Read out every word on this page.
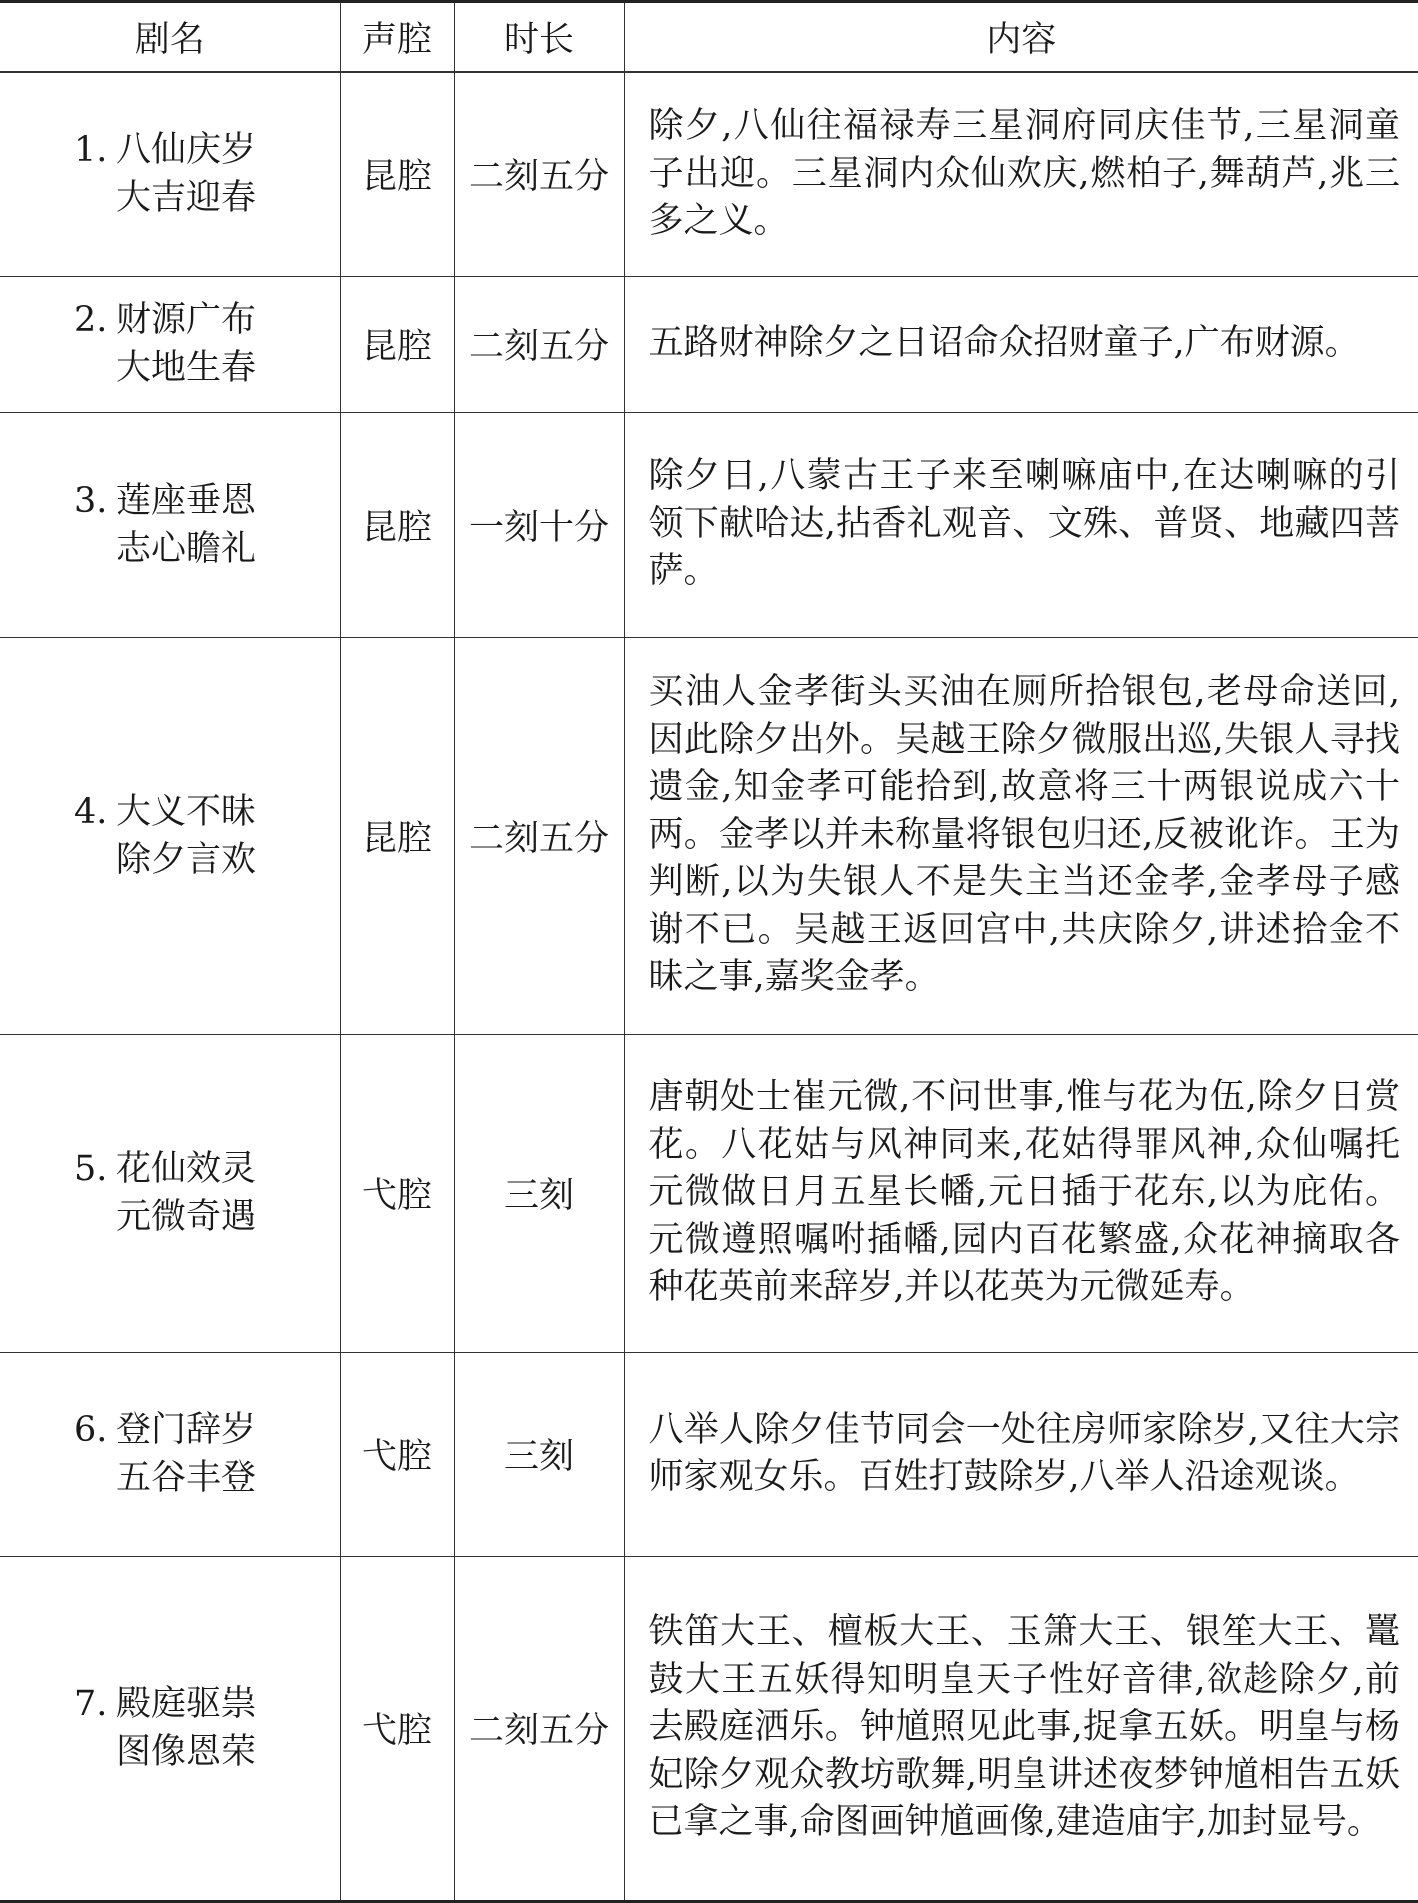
剧名	声腔	时长	内容

1. 八仙庆岁
大吉迎春	昆腔	二刻五分	除夕,八仙往福禄寿三星洞府同庆佳节,三星洞童子出迎。三星洞内众仙欢庆,燃柏子,舞葫芦,兆三多之义。

2. 财源广布
大地生春	昆腔	二刻五分	五路财神除夕之日诏命众招财童子,广布财源。

3. 莲座垂恩
志心瞻礼	昆腔	一刻十分	除夕日,八蒙古王子来至喇嘛庙中,在达喇嘛的引领下献哈达,拈香礼观音、文殊、普贤、地藏四菩萨。

4. 大义不昧
除夕言欢	昆腔	二刻五分	买油人金孝街头买油在厕所拾银包,老母命送回,因此除夕出外。吴越王除夕微服出巡,失银人寻找遗金,知金孝可能拾到,故意将三十两银说成六十两。金孝以并未称量将银包归还,反被讹诈。王为判断,以为失银人不是失主当还金孝,金孝母子感谢不已。吴越王返回宫中,共庆除夕,讲述拾金不昧之事,嘉奖金孝。

5. 花仙效灵
元微奇遇	弋腔	三刻	唐朝处士崔元微,不问世事,惟与花为伍,除夕日赏花。八花姑与风神同来,花姑得罪风神,众仙嘱托元微做日月五星长幡,元日插于花东,以为庇佑。元微遵照嘱咐插幡,园内百花繁盛,众花神摘取各种花英前来辞岁,并以花英为元微延寿。

6. 登门辞岁
五谷丰登	弋腔	三刻	八举人除夕佳节同会一处往房师家除岁,又往大宗师家观女乐。百姓打鼓除岁,八举人沿途观谈。

7. 殿庭驱祟
图像恩荣	弋腔	二刻五分	铁笛大王、檀板大王、玉箫大王、银笙大王、鼍鼓大王五妖得知明皇天子性好音律,欲趁除夕,前去殿庭洒乐。钟馗照见此事,捉拿五妖。明皇与杨妃除夕观众教坊歌舞,明皇讲述夜梦钟馗相告五妖已拿之事,命图画钟馗画像,建造庙宇,加封显号。
